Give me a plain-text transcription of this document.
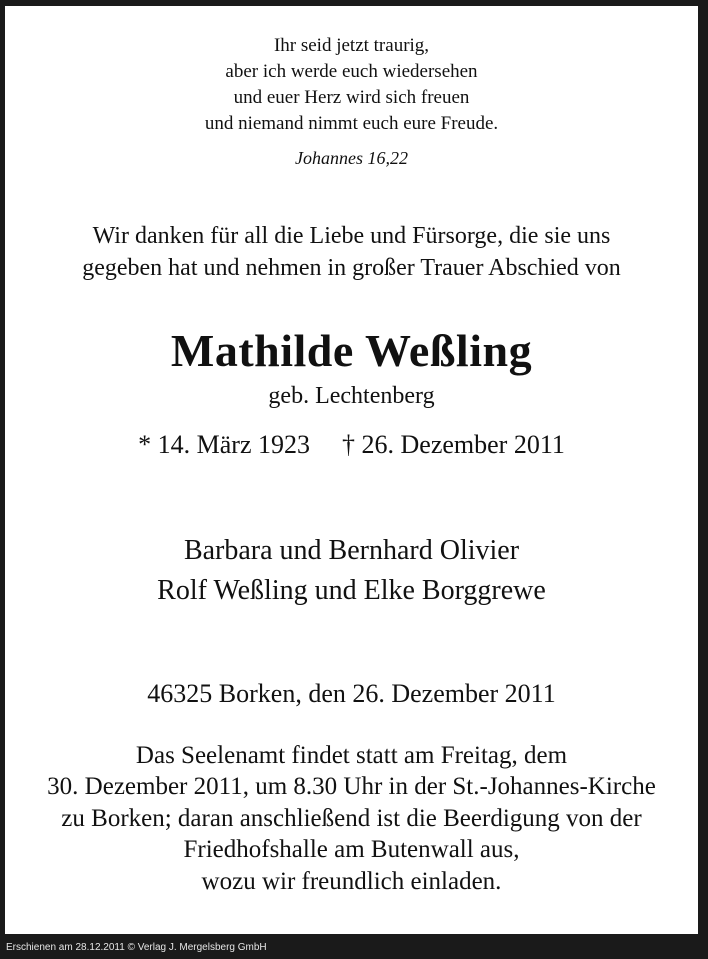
Ihr seid jetzt traurig,
aber ich werde euch wiedersehen
und euer Herz wird sich freuen
und niemand nimmt euch eure Freude.
Johannes 16,22
Wir danken für all die Liebe und Fürsorge, die sie uns
gegeben hat und nehmen in großer Trauer Abschied von
Mathilde Weßling
geb. Lechtenberg
* 14. März 1923 † 26. Dezember 2011
Barbara und Bernhard Olivier
Rolf Weßling und Elke Borggrewe
46325 Borken, den 26. Dezember 2011
Das Seelenamt findet statt am Freitag, dem
30. Dezember 2011, um 8.30 Uhr in der St.-Johannes-Kirche
zu Borken; daran anschließend ist die Beerdigung von der
Friedhofshalle am Butenwall aus,
wozu wir freundlich einladen.
Erschienen am 28.12.2011 © Verlag J. Mergelsberg GmbH
